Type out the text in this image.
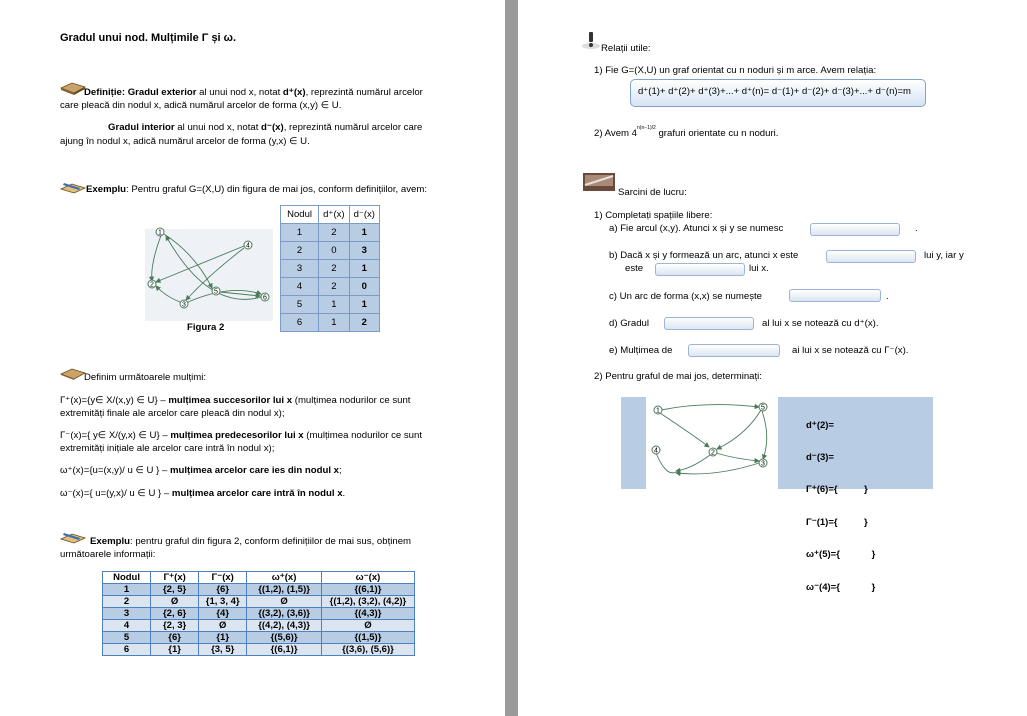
Gradul unui nod. Mulțimile Γ și ω.
Definiție: Gradul exterior al unui nod x, notat d⁺(x), reprezintă numărul arcelor
care pleacă din nodul x, adică numărul arcelor de forma (x,y) ∈ U.
Gradul interior al unui nod x, notat d⁻(x), reprezintă numărul arcelor care
ajung în nodul x, adică numărul arcelor de forma (y,x) ∈ U.
Exemplu: Pentru graful G=(X,U) din figura de mai jos, conform definițiilor, avem:
1
2
3
4
5
6
Figura 2
Nodul	d⁺(x)	d⁻(x)
1	2	1
2	0	3
3	2	1
4	2	0
5	1	1
6	1	2
Definim următoarele mulțimi:
Γ⁺(x)={y∈ X/(x,y) ∈ U} – mulțimea succesorilor lui x (mulțimea nodurilor ce sunt
extremități finale ale arcelor care pleacă din nodul x);
Γ⁻(x)={ y∈ X/(y,x) ∈ U} – mulțimea predecesorilor lui x (mulțimea nodurilor ce sunt
extremități inițiale ale arcelor care intră în nodul x);
ω⁺(x)={u=(x,y)/ u ∈ U } – mulțimea arcelor care ies din nodul x;
ω⁻(x)={ u=(y,x)/ u ∈ U } – mulțimea arcelor care intră în nodul x.
Exemplu: pentru graful din figura 2, conform definițiilor de mai sus, obținem
următoarele informații:
Nodul	Γ⁺(x)	Γ⁻(x)	ω⁺(x)	ω⁻(x)
1	{2, 5}	{6}	{(1,2), (1,5)}	{(6,1)}
2	Ø	{1, 3, 4}	Ø	{(1,2), (3,2), (4,2)}
3	{2, 6}	{4}	{(3,2), (3,6)}	{(4,3)}
4	{2, 3}	Ø	{(4,2), (4,3)}	Ø
5	{6}	{1}	{(5,6)}	{(1,5)}
6	{1}	{3, 5}	{(6,1)}	{(3,6), (5,6)}
Relații utile:
1) Fie G=(X,U) un graf orientat cu n noduri și m arce. Avem relația:
d⁺(1)+ d⁺(2)+ d⁺(3)+...+ d⁺(n)= d⁻(1)+ d⁻(2)+ d⁻(3)+...+ d⁻(n)=m
2) Avem $4^{n(n-1)/2}$ grafuri orientate cu n noduri.
Sarcini de lucru:
1) Completați spațiile libere:
a) Fie arcul (x,y). Atunci x și y se numesc	.
b) Dacă x și y formează un arc, atunci x este	lui y, iar y
este	lui x.
c) Un arc de forma (x,x) se numește	.
d) Gradul	al lui x se notează cu d⁺(x).
e) Mulțimea de	ai lui x se notează cu Γ⁻(x).
2) Pentru graful de mai jos, determinați:
1
2
3
4
5

d⁺(2)=

d⁻(3)=

Γ⁺(6)={          }

Γ⁻(1)={          }

ω⁺(5)={            }

ω⁻(4)={            }
